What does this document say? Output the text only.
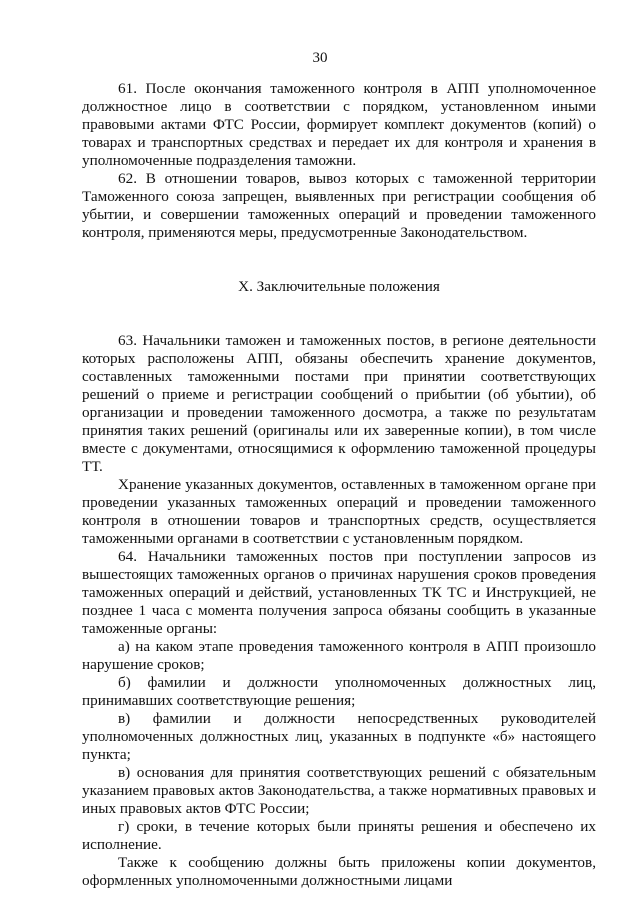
30

61. После окончания таможенного контроля в АПП уполномоченное должностное лицо в соответствии с порядком, установленном иными правовыми актами ФТС России, формирует комплект документов (копий) о товарах и транспортных средствах и передает их для контроля и хранения в уполномоченные подразделения таможни.

62. В отношении товаров, вывоз которых с таможенной территории Таможенного союза запрещен, выявленных при регистрации сообщения об убытии, и совершении таможенных операций и проведении таможенного контроля, применяются меры, предусмотренные Законодательством.

X. Заключительные положения

63. Начальники таможен и таможенных постов, в регионе деятельности которых расположены АПП, обязаны обеспечить хранение документов, составленных таможенными постами при принятии соответствующих решений о приеме и регистрации сообщений о прибытии (об убытии), об организации и проведении таможенного досмотра, а также по результатам принятия таких решений (оригиналы или их заверенные копии), в том числе вместе с документами, относящимися к оформлению таможенной процедуры ТТ.

Хранение указанных документов, оставленных в таможенном органе при проведении указанных таможенных операций и проведении таможенного контроля в отношении товаров и транспортных средств, осуществляется таможенными органами в соответствии с установленным порядком.

64. Начальники таможенных постов при поступлении запросов из вышестоящих таможенных органов о причинах нарушения сроков проведения таможенных операций и действий, установленных ТК ТС и Инструкцией, не позднее 1 часа с момента получения запроса обязаны сообщить в указанные таможенные органы:

а) на каком этапе проведения таможенного контроля в АПП произошло нарушение сроков;

б) фамилии и должности уполномоченных должностных лиц, принимавших соответствующие решения;

в) фамилии и должности непосредственных руководителей уполномоченных должностных лиц, указанных в подпункте «б» настоящего пункта;

в) основания для принятия соответствующих решений с обязательным указанием правовых актов Законодательства, а также нормативных правовых и иных правовых актов ФТС России;

г) сроки, в течение которых были приняты решения и обеспечено их исполнение.

Также к сообщению должны быть приложены копии документов, оформленных уполномоченными должностными лицами
